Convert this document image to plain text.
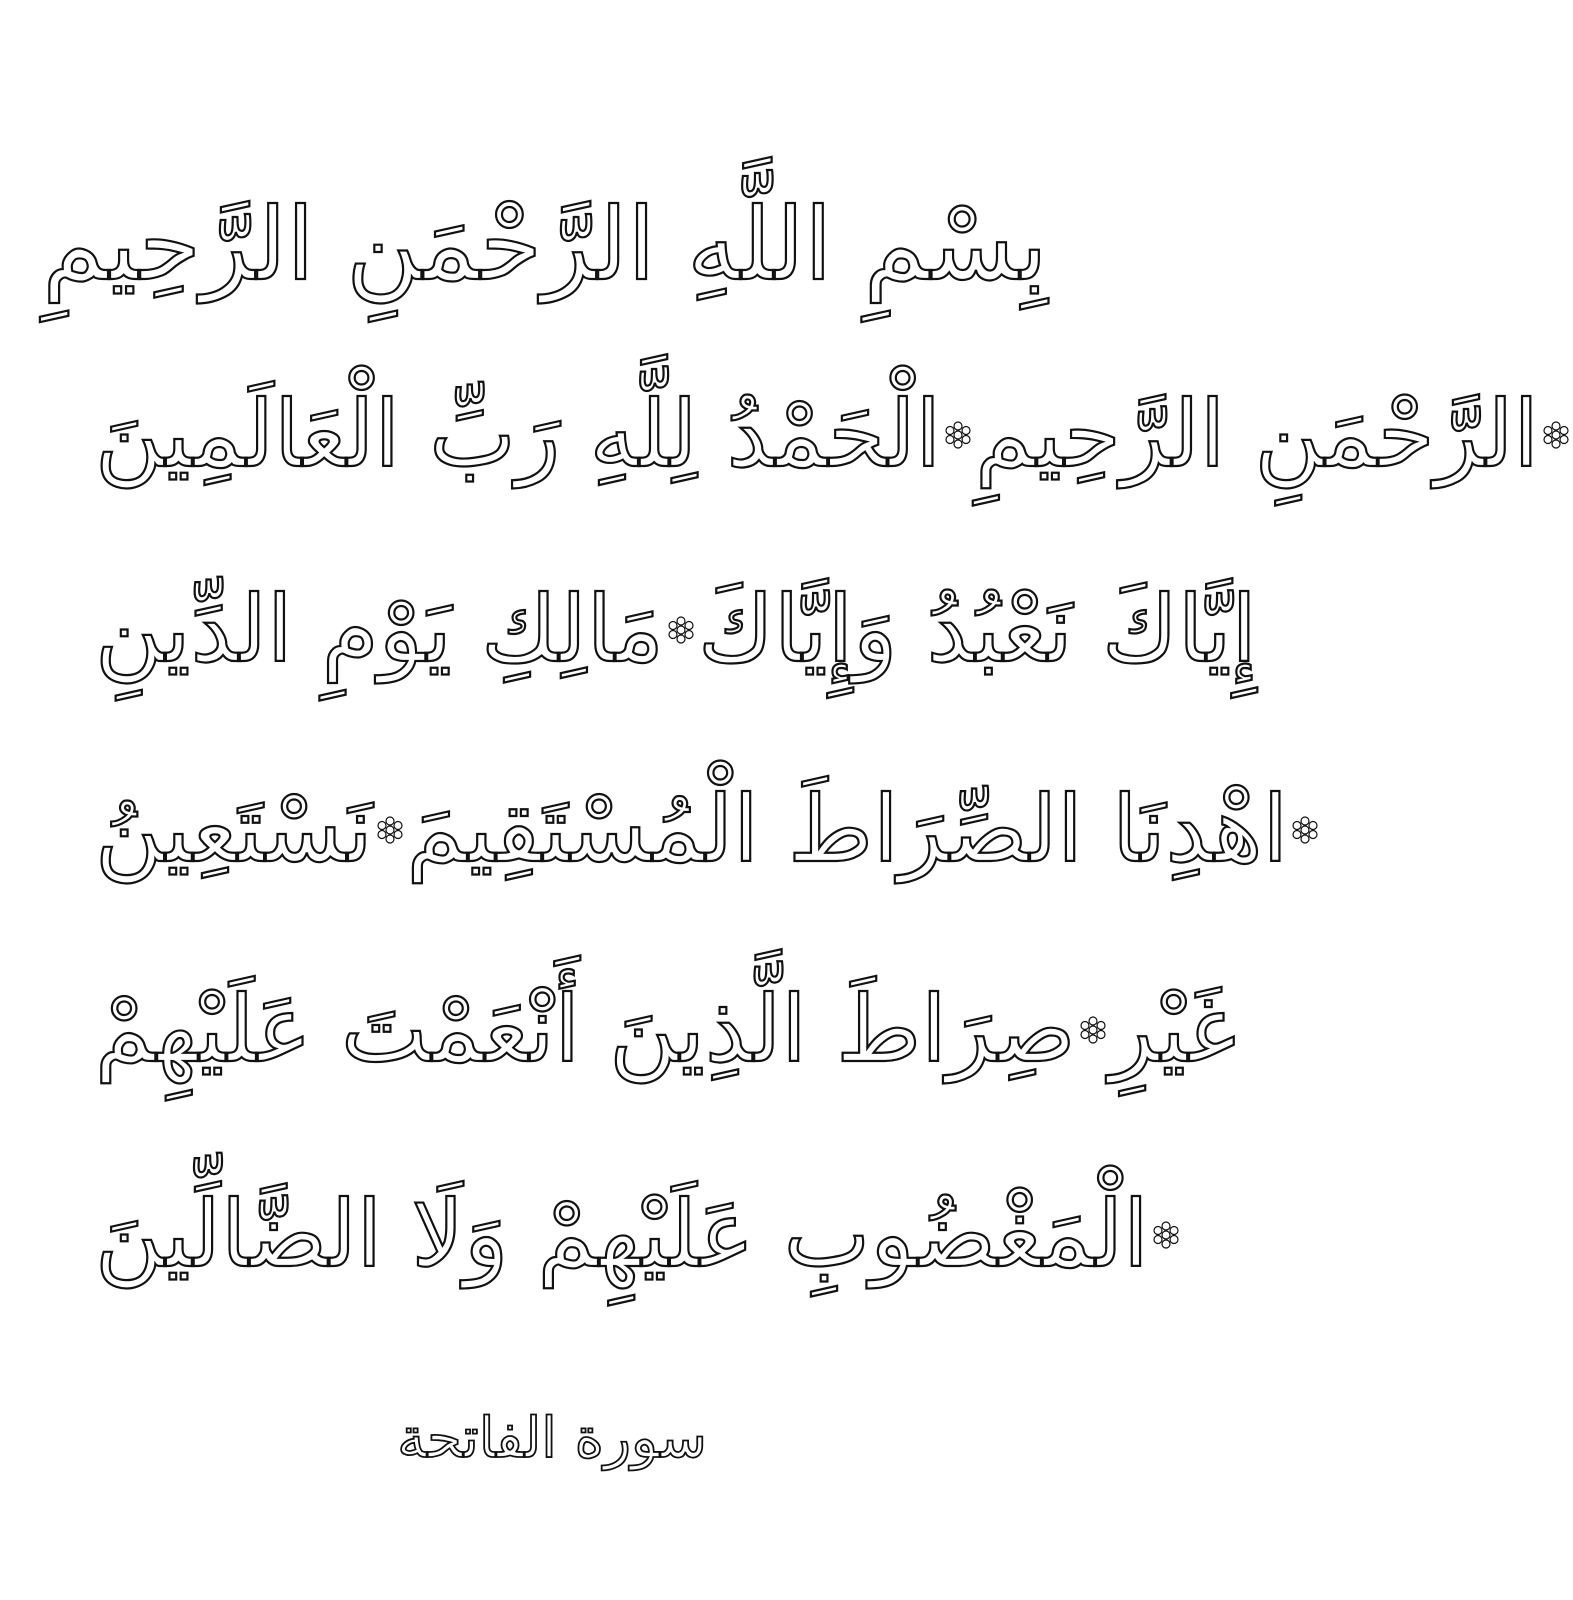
بِسْمِ اللَّهِ الرَّحْمَنِ الرَّحِيمِ
الْحَمْدُ لِلَّهِ رَبِّ الْعَالَمِينَ الرَّحْمَنِ الرَّحِيمِ
مَالِكِ يَوْمِ الدِّينِ إِيَّاكَ نَعْبُدُ وَإِيَّاكَ
نَسْتَعِينُ اهْدِنَا الصِّرَاطَ الْمُسْتَقِيمَ
صِرَاطَ الَّذِينَ أَنْعَمْتَ عَلَيْهِمْ غَيْرِ
الْمَغْضُوبِ عَلَيْهِمْ وَلَا الضَّالِّينَ
سورة الفاتحة
